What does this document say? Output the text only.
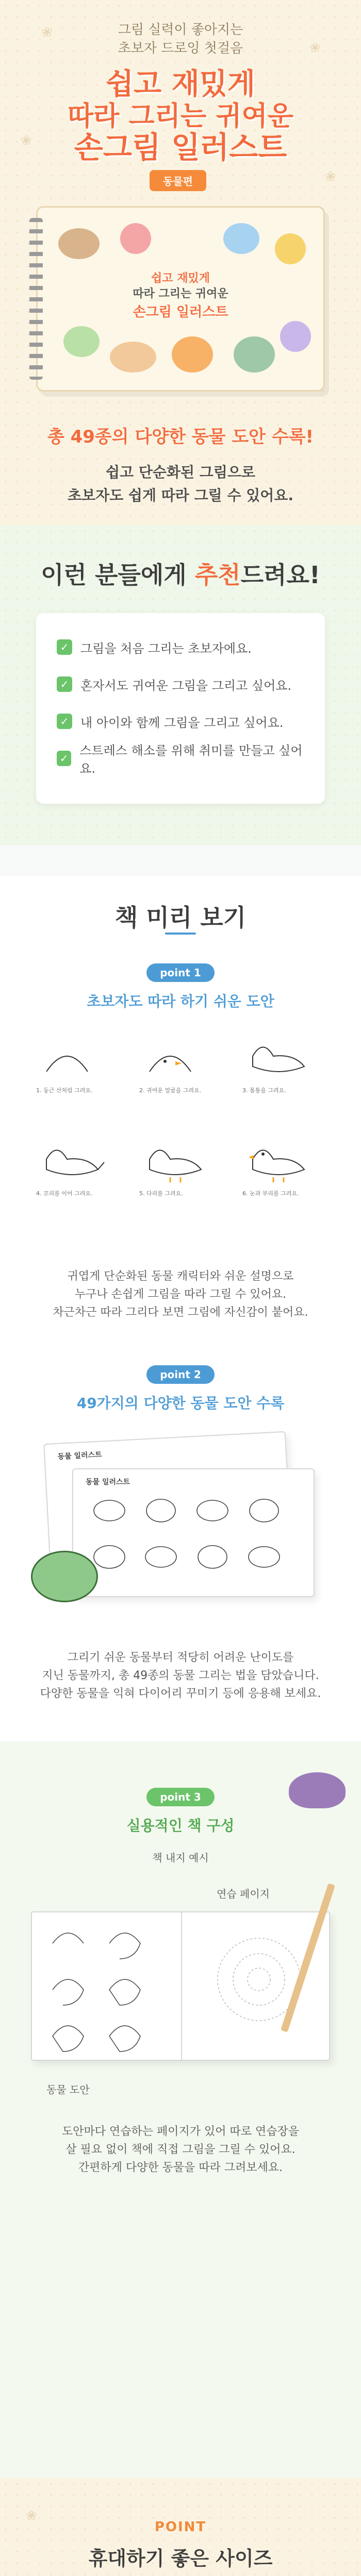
❀
❀
❀
❀
그림 실력이 좋아지는
초보자 드로잉 첫걸음
쉽고 재밌게
따라 그리는 귀여운
손그림 일러스트
동물편
쉽고 재밌게
따라 그리는 귀여운
손그림 일러스트
총 49종의 다양한 동물 도안 수록!
쉽고 단순화된 그림으로
초보자도 쉽게 따라 그릴 수 있어요.
이런 분들에게 추천드려요!
✓ 그림을 처음 그리는 초보자에요.
✓ 혼자서도 귀여운 그림을 그리고 싶어요.
✓ 내 아이와 함께 그림을 그리고 싶어요.
✓
스트레스 해소를 위해 취미를 만들고 싶어요.
책 미리 보기
point 1
초보자도 따라 하기 쉬운 도안
1. 둥근 산처럼 그려요.	2. 귀여운 얼굴을 그려요.	3. 몸통을 그려요.
4. 꼬리를 이어 그려요.	5. 다리를 그려요.	6. 눈과 부리를 그려요.
귀엽게 단순화된 동물 캐릭터와 쉬운 설명으로
누구나 손쉽게 그림을 따라 그릴 수 있어요.
차근차근 따라 그리다 보면 그림에 자신감이 붙어요.
point 2
49가지의 다양한 동물 도안 수록
동물 일러스트
동물 일러스트
그리기 쉬운 동물부터 적당히 어려운 난이도를
지닌 동물까지, 총 49종의 동물 그리는 법을 담았습니다.
다양한 동물을 익혀 다이어리 꾸미기 등에 응용해 보세요.
point 3
실용적인 책 구성
책 내지 예시
연습 페이지
동물 도안
도안마다 연습하는 페이지가 있어 따로 연습장을
살 필요 없이 책에 직접 그림을 그릴 수 있어요.
간편하게 다양한 동물을 따라 그려보세요.
❀
POINT
휴대하기 좋은 사이즈
